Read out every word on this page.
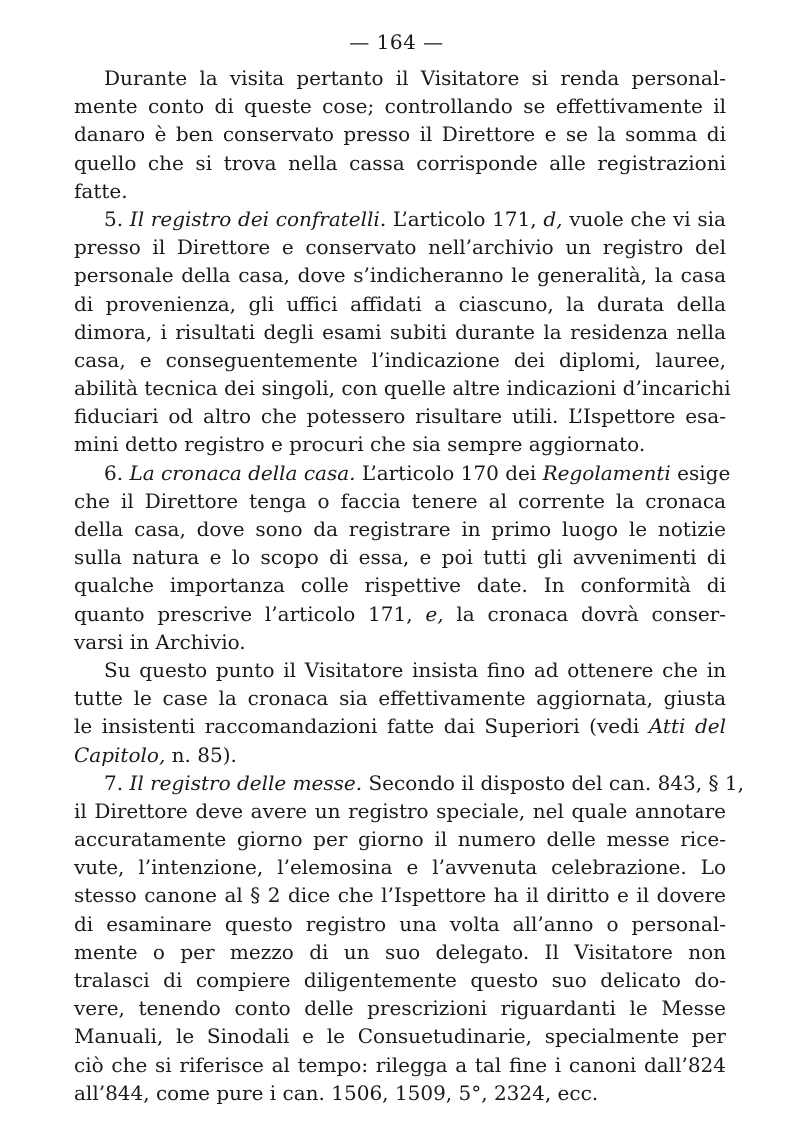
— 164 —
Durante la visita pertanto il Visitatore si renda personal-
mente conto di queste cose; controllando se effettivamente il
danaro è ben conservato presso il Direttore e se la somma di
quello che si trova nella cassa corrisponde alle registrazioni
fatte.
5. Il registro dei confratelli. L’articolo 171, d, vuole che vi sia
presso il Direttore e conservato nell’archivio un registro del
personale della casa, dove s’indicheranno le generalità, la casa
di provenienza, gli uffici affidati a ciascuno, la durata della
dimora, i risultati degli esami subiti durante la residenza nella
casa, e conseguentemente l’indicazione dei diplomi, lauree,
abilità tecnica dei singoli, con quelle altre indicazioni d’incarichi
fiduciari od altro che potessero risultare utili. L’Ispettore esa-
mini detto registro e procuri che sia sempre aggiornato.
6. La cronaca della casa. L’articolo 170 dei Regolamenti esige
che il Direttore tenga o faccia tenere al corrente la cronaca
della casa, dove sono da registrare in primo luogo le notizie
sulla natura e lo scopo di essa, e poi tutti gli avvenimenti di
qualche importanza colle rispettive date. In conformità di
quanto prescrive l’articolo 171, e, la cronaca dovrà conser-
varsi in Archivio.
Su questo punto il Visitatore insista fino ad ottenere che in
tutte le case la cronaca sia effettivamente aggiornata, giusta
le insistenti raccomandazioni fatte dai Superiori (vedi Atti del
Capitolo, n. 85).
7. Il registro delle messe. Secondo il disposto del can. 843, § 1,
il Direttore deve avere un registro speciale, nel quale annotare
accuratamente giorno per giorno il numero delle messe rice-
vute, l’intenzione, l’elemosina e l’avvenuta celebrazione. Lo
stesso canone al § 2 dice che l’Ispettore ha il diritto e il dovere
di esaminare questo registro una volta all’anno o personal-
mente o per mezzo di un suo delegato. Il Visitatore non
tralasci di compiere diligentemente questo suo delicato do-
vere, tenendo conto delle prescrizioni riguardanti le Messe
Manuali, le Sinodali e le Consuetudinarie, specialmente per
ciò che si riferisce al tempo: rilegga a tal fine i canoni dall’824
all’844, come pure i can. 1506, 1509, 5°, 2324, ecc.
